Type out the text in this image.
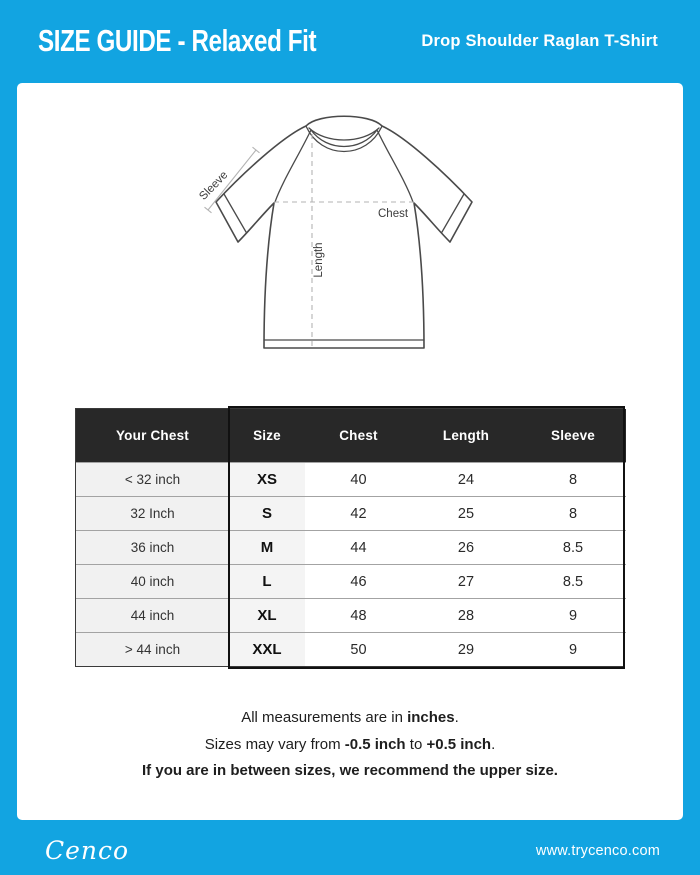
SIZE GUIDE - Relaxed Fit	Drop Shoulder Raglan T-Shirt
Sleeve
Chest
Length
Your Chest	Size	Chest	Length	Sleeve
< 32 inch	XS	40	24	8
32 Inch	S	42	25	8
36 inch	M	44	26	8.5
40 inch	L	46	27	8.5
44 inch	XL	48	28	9
> 44 inch	XXL	50	29	9
All measurements are in inches.
Sizes may vary from -0.5 inch to +0.5 inch.
If you are in between sizes, we recommend the upper size.
Cenco	www.trycenco.com
